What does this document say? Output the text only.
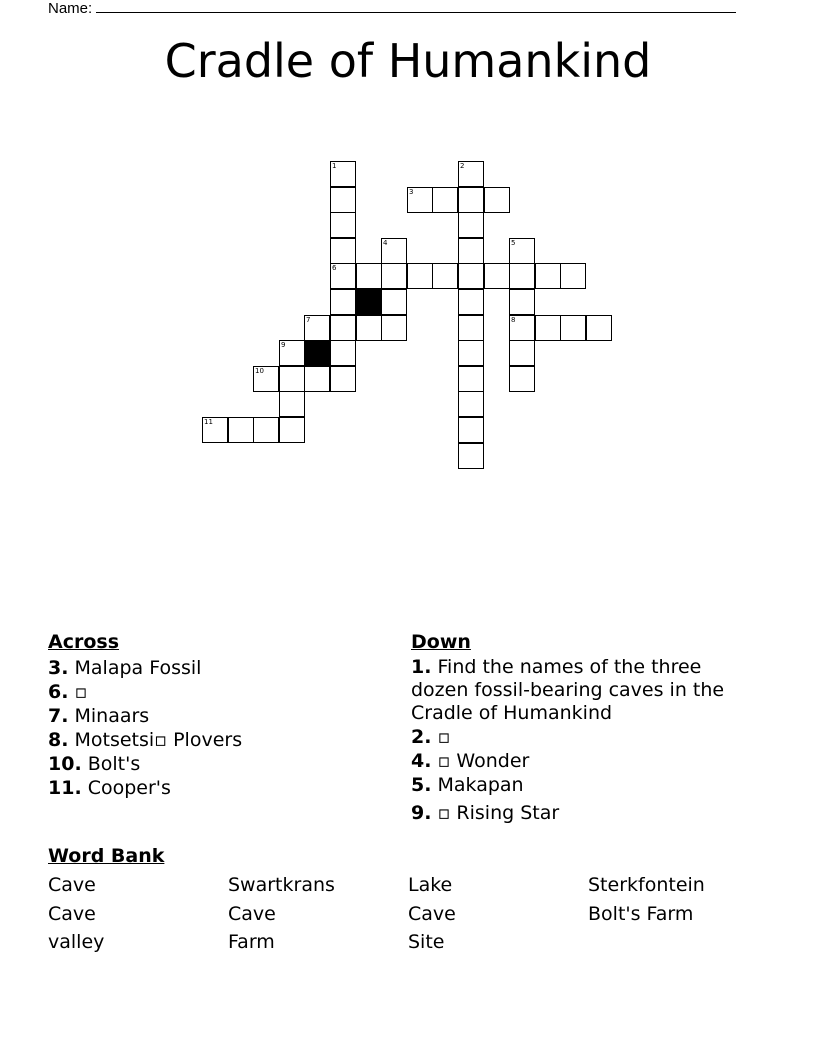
Name:
Cradle of Humankind
1	2
3
4	5
6
7	8
9
10
11
Across
3. Malapa Fossil
6. ▫
7. Minaars
8. Motsetsi▫ Plovers
10. Bolt's
11. Cooper's
Down
1. Find the names of the three dozen fossil-bearing caves in the Cradle of Humankind
2. ▫
4. ▫ Wonder
5. Makapan
9. ▫ Rising Star
Word Bank
Cave	Swartkrans	Lake	Sterkfontein
Cave	Cave	Cave	Bolt's Farm
valley	Farm	Site
